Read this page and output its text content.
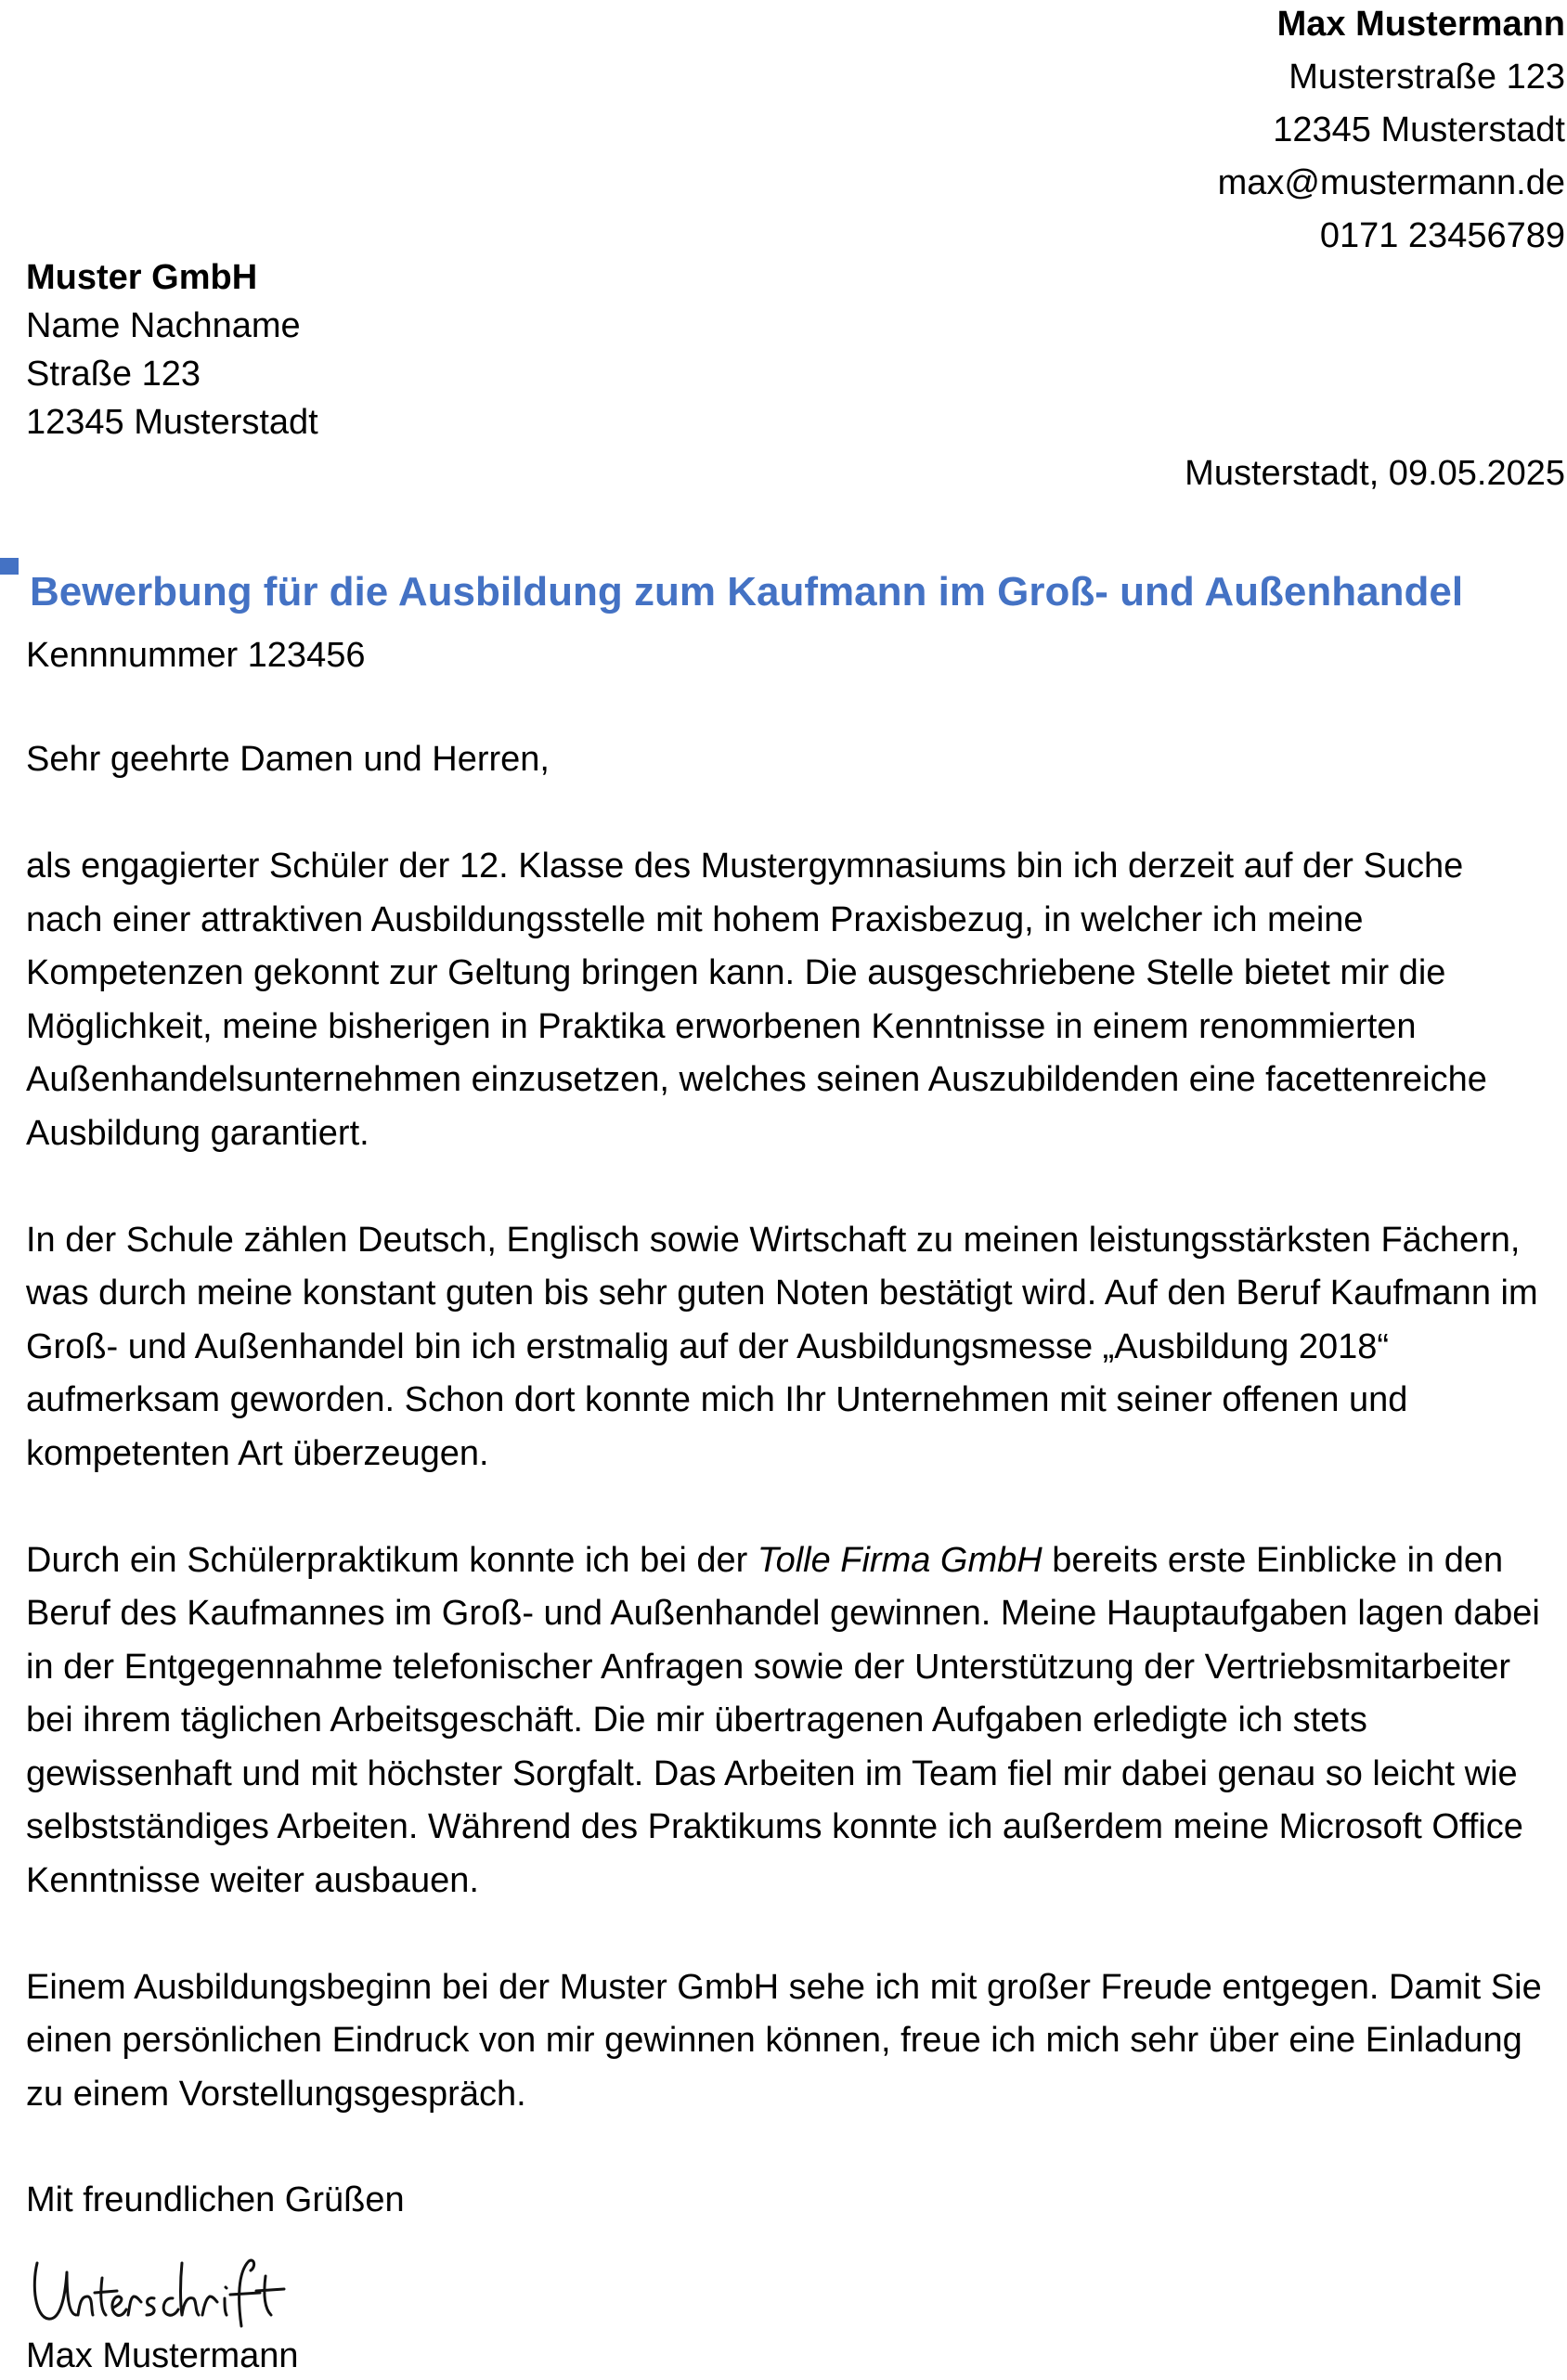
Max Mustermann
Musterstraße 123
12345 Musterstadt
max@mustermann.de
0171 23456789
Muster GmbH
Name Nachname
Straße 123
12345 Musterstadt
Musterstadt, 09.05.2025
Bewerbung für die Ausbildung zum Kaufmann im Groß- und Außenhandel
Kennnummer 123456

Sehr geehrte Damen und Herren,

als engagierter Schüler der 12. Klasse des Mustergymnasiums bin ich derzeit auf der Suche nach einer attraktiven Ausbildungsstelle mit hohem Praxisbezug, in welcher ich meine Kompetenzen gekonnt zur Geltung bringen kann. Die ausgeschriebene Stelle bietet mir die Möglichkeit, meine bisherigen in Praktika erworbenen Kenntnisse in einem renommierten Außenhandelsunternehmen einzusetzen, welches seinen Auszubildenden eine facettenreiche Ausbildung garantiert.

In der Schule zählen Deutsch, Englisch sowie Wirtschaft zu meinen leistungsstärksten Fächern, was durch meine konstant guten bis sehr guten Noten bestätigt wird. Auf den Beruf Kaufmann im Groß- und Außenhandel bin ich erstmalig auf der Ausbildungsmesse „Ausbildung 2018“ aufmerksam geworden. Schon dort konnte mich Ihr Unternehmen mit seiner offenen und kompetenten Art überzeugen.

Durch ein Schülerpraktikum konnte ich bei der Tolle Firma GmbH bereits erste Einblicke in den Beruf des Kaufmannes im Groß- und Außenhandel gewinnen. Meine Hauptaufgaben lagen dabei in der Entgegennahme telefonischer Anfragen sowie der Unterstützung der Vertriebsmitarbeiter bei ihrem täglichen Arbeitsgeschäft. Die mir übertragenen Aufgaben erledigte ich stets gewissenhaft und mit höchster Sorgfalt. Das Arbeiten im Team fiel mir dabei genau so leicht wie selbstständiges Arbeiten. Während des Praktikums konnte ich außerdem meine Microsoft Office Kenntnisse weiter ausbauen.

Einem Ausbildungsbeginn bei der Muster GmbH sehe ich mit großer Freude entgegen. Damit Sie einen persönlichen Eindruck von mir gewinnen können, freue ich mich sehr über eine Einladung zu einem Vorstellungsgespräch.

Mit freundlichen Grüßen
Max Mustermann
